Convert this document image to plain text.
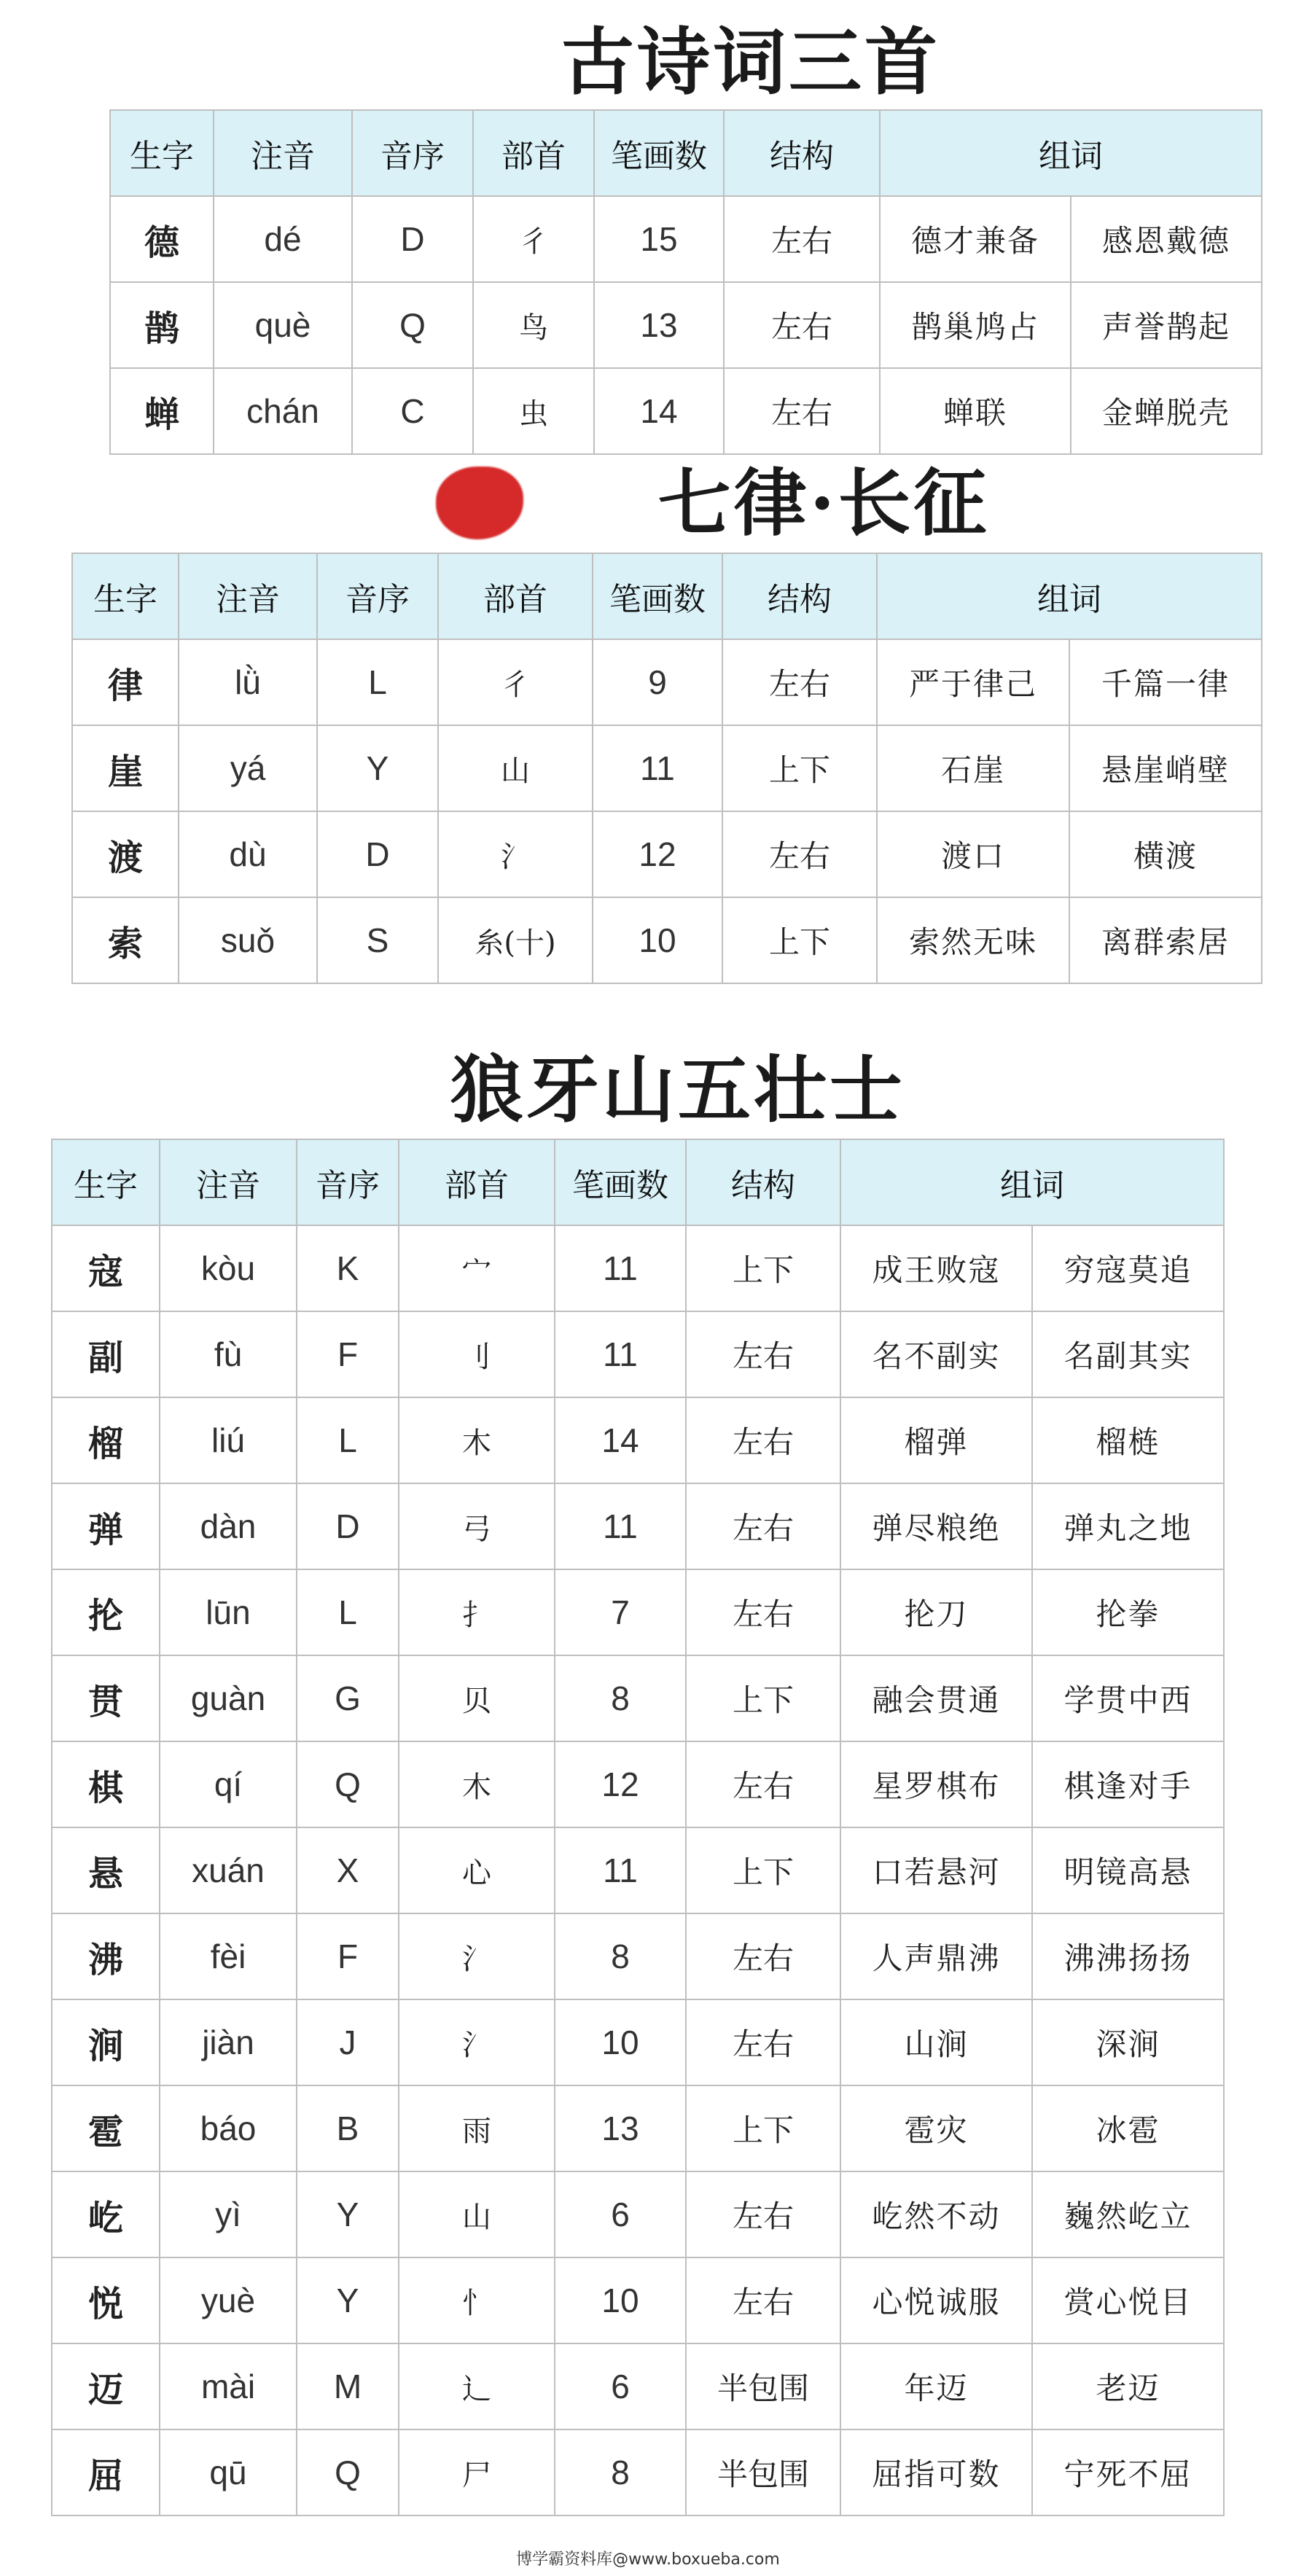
古诗词三首
生字	注音	音序	部首	笔画数	结构	组词	
德	dé	D	彳	15	左右	德才兼备	感恩戴德
鹊	què	Q	鸟	13	左右	鹊巢鸠占	声誉鹊起
蝉	chán	C	虫	14	左右	蝉联	金蝉脱壳
七律·长征
生字	注音	音序	部首	笔画数	结构	组词	
律	lǜ	L	彳	9	左右	严于律己	千篇一律
崖	yá	Y	山	11	上下	石崖	悬崖峭壁
渡	dù	D	氵	12	左右	渡口	横渡
索	suǒ	S	糸(十)	10	上下	索然无味	离群索居
狼牙山五壮士
生字	注音	音序	部首	笔画数	结构	组词	
寇	kòu	K	宀	11	上下	成王败寇	穷寇莫追
副	fù	F	刂	11	左右	名不副实	名副其实
榴	liú	L	木	14	左右	榴弹	榴梿
弹	dàn	D	弓	11	左右	弹尽粮绝	弹丸之地
抡	lūn	L	扌	7	左右	抡刀	抡拳
贯	guàn	G	贝	8	上下	融会贯通	学贯中西
棋	qí	Q	木	12	左右	星罗棋布	棋逢对手
悬	xuán	X	心	11	上下	口若悬河	明镜高悬
沸	fèi	F	氵	8	左右	人声鼎沸	沸沸扬扬
涧	jiàn	J	氵	10	左右	山涧	深涧
雹	báo	B	雨	13	上下	雹灾	冰雹
屹	yì	Y	山	6	左右	屹然不动	巍然屹立
悦	yuè	Y	忄	10	左右	心悦诚服	赏心悦目
迈	mài	M	辶	6	半包围	年迈	老迈
屈	qū	Q	尸	8	半包围	屈指可数	宁死不屈
博学霸资料库@www.boxueba.com
